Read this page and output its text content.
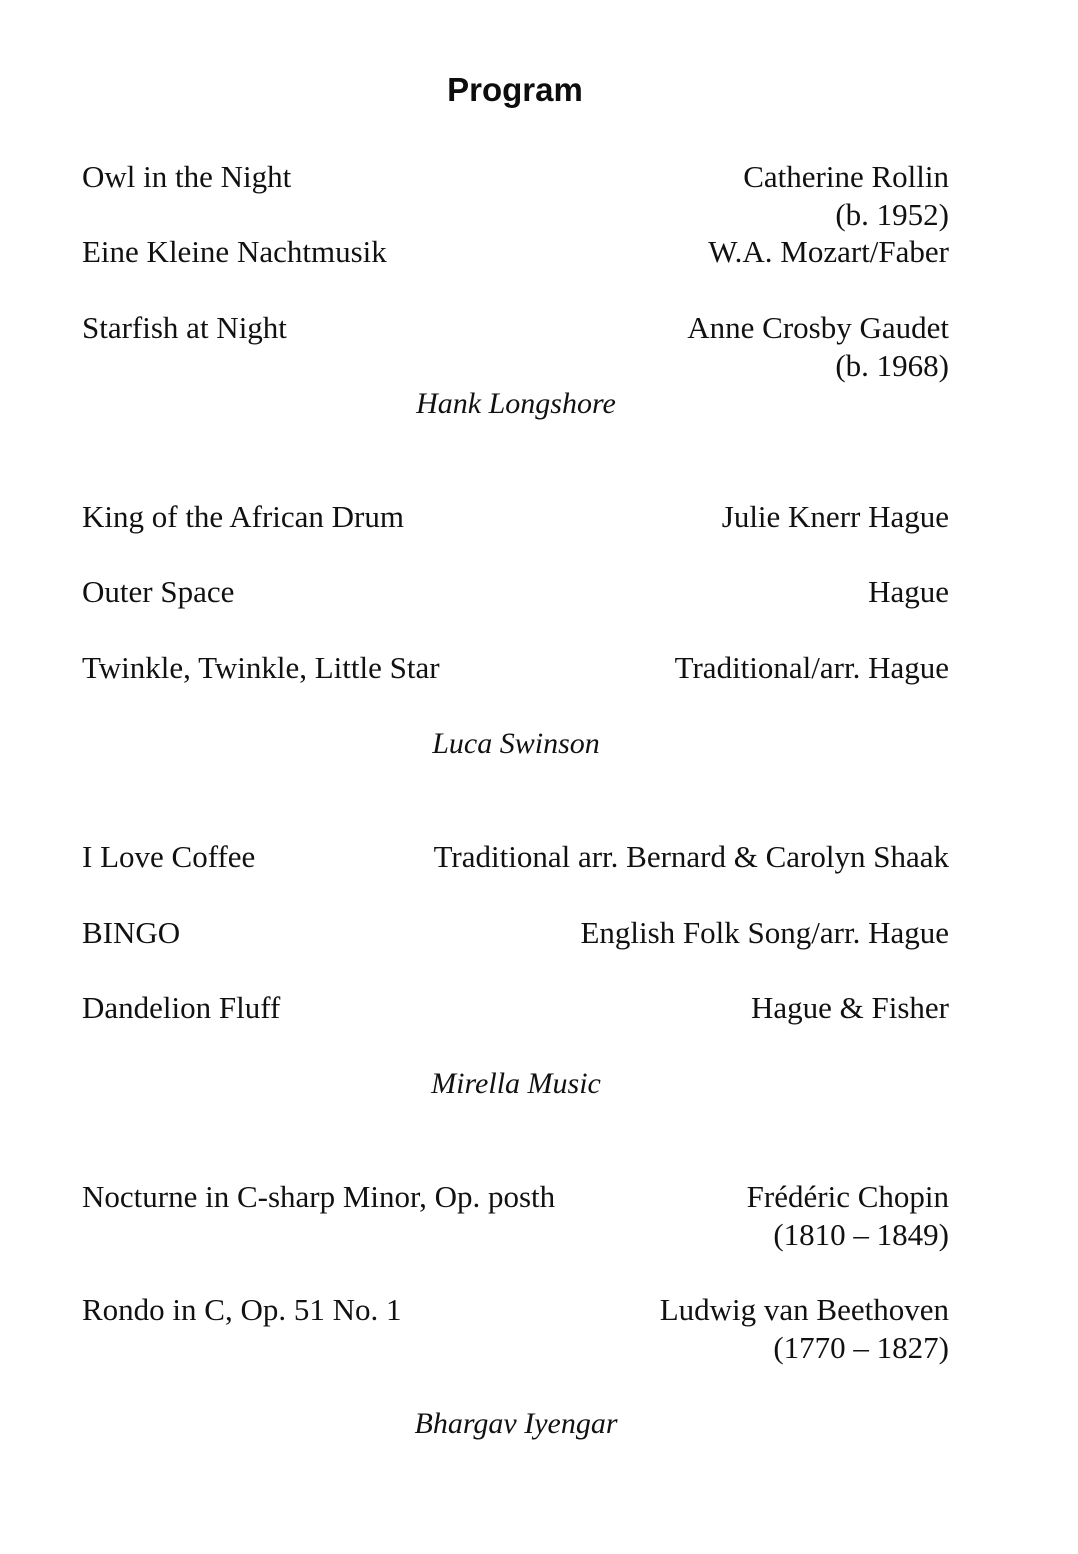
Program
Owl in the Night	Catherine Rollin
(b. 1952)
Eine Kleine Nachtmusik	W.A. Mozart/Faber
Starfish at Night	Anne Crosby Gaudet
(b. 1968)
Hank Longshore
King of the African Drum	Julie Knerr Hague
Outer Space	Hague
Twinkle, Twinkle, Little Star	Traditional/arr. Hague
Luca Swinson
I Love Coffee	Traditional arr. Bernard & Carolyn Shaak
BINGO	English Folk Song/arr. Hague
Dandelion Fluff	Hague & Fisher
Mirella Music
Nocturne in C-sharp Minor, Op. posth	Frédéric Chopin
(1810 – 1849)
Rondo in C, Op. 51 No. 1	Ludwig van Beethoven
(1770 – 1827)
Bhargav Iyengar
